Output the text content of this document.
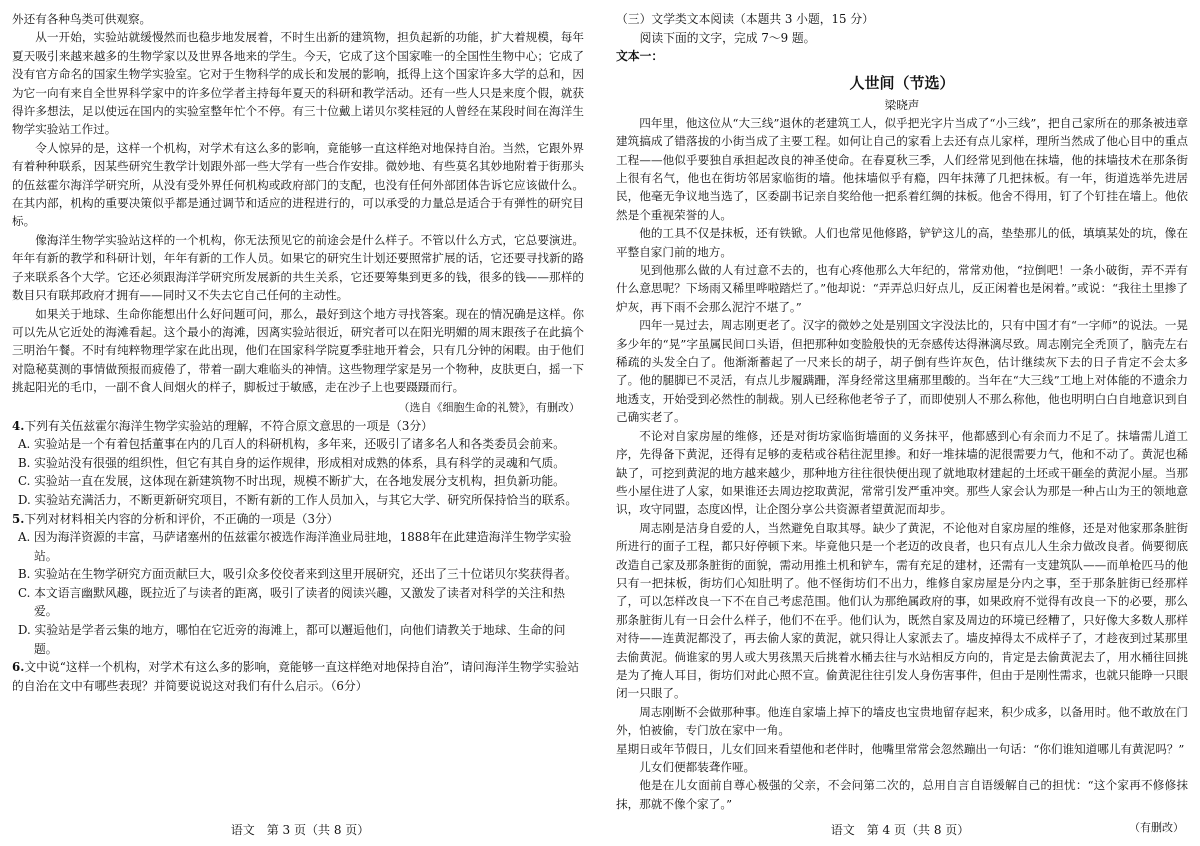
外还有各种鸟类可供观察。

从一开始，实验站就缓慢然而也稳步地发展着，不时生出新的建筑物，担负起新的功能，扩大着规模，每年夏天吸引来越来越多的生物学家以及世界各地来的学生。今天，它成了这个国家唯一的全国性生物中心；它成了没有官方命名的国家生物学实验室。它对于生物科学的成长和发展的影响，抵得上这个国家许多大学的总和，因为它一向有来自全世界科学家中的许多位学者主持每年夏天的科研和教学活动。还有一些人只是来度个假，就获得许多想法，足以使远在国内的实验室整年忙个不停。有三十位戴上诺贝尔奖桂冠的人曾经在某段时间在海洋生物学实验站工作过。

令人惊异的是，这样一个机构，对学术有这么多的影响，竟能够一直这样绝对地保持自治。当然，它跟外界有着种种联系，因某些研究生教学计划跟外部一些大学有一些合作安排。微妙地、有些莫名其妙地附着于街那头的伍兹霍尔海洋学研究所，从没有受外界任何机构或政府部门的支配，也没有任何外部团体告诉它应该做什么。在其内部，机构的重要决策似乎都是通过调节和适应的进程进行的，可以承受的力量总是适合于有弹性的研究目标。

像海洋生物学实验站这样的一个机构，你无法预见它的前途会是什么样子。不管以什么方式，它总要演进。年年有新的教学和科研计划，年年有新的工作人员。如果它的研究生计划还要照常扩展的话，它还要寻找新的路子来联系各个大学。它还必须跟海洋学研究所发展新的共生关系，它还要筹集到更多的钱，很多的钱——那样的数目只有联邦政府才拥有——同时又不失去它自己任何的主动性。

如果关于地球、生命你能想出什么好问题可问，那么，最好到这个地方寻找答案。现在的情况确是这样。你可以先从它近处的海滩看起。这个最小的海滩，因离实验站很近，研究者可以在阳光明媚的周末跟孩子在此搞个三明治午餐。不时有纯粹物理学家在此出现，他们在国家科学院夏季驻地开着会，只有几分钟的闲暇。由于他们对隐秘莫测的事情做预报而疲倦了，带着一副大难临头的神情。这些物理学家是另一个物种，皮肤更白，摇一下挑起阳光的毛巾，一副不食人间烟火的样子，脚板过于敏感，走在沙子上也要蹑蹑而行。

（选自《细胞生命的礼赞》，有删改）

4.下列有关伍兹霍尔海洋生物学实验站的理解，不符合原文意思的一项是（3分）

A. 实验站是一个有着包括董事在内的几百人的科研机构，多年来，还吸引了诸多名人和各类委员会前来。

B. 实验站没有很强的组织性，但它有其自身的运作规律，形成相对成熟的体系，具有科学的灵魂和气质。

C. 实验站一直在发展，这体现在新建筑物不时出现，规模不断扩大，在各地发展分支机构，担负新功能。

D. 实验站充满活力，不断更新研究项目，不断有新的工作人员加入，与其它大学、研究所保持恰当的联系。

5.下列对材料相关内容的分析和评价，不正确的一项是（3分）

A. 因为海洋资源的丰富，马萨诸塞州的伍兹霍尔被选作海洋渔业局驻地，1888年在此建造海洋生物学实验站。

B. 实验站在生物学研究方面贡献巨大，吸引众多佼佼者来到这里开展研究，还出了三十位诺贝尔奖获得者。

C. 本文语言幽默风趣，既拉近了与读者的距离，吸引了读者的阅读兴趣，又激发了读者对科学的关注和热爱。

D. 实验站是学者云集的地方，哪怕在它近旁的海滩上，都可以邂逅他们，向他们请教关于地球、生命的问题。

6.文中说“这样一个机构，对学术有这么多的影响，竟能够一直这样绝对地保持自治”，请问海洋生物学实验站的自治在文中有哪些表现？并简要说说这对我们有什么启示。（6分）

语文　第 3 页（共 8 页）

（三）文学类文本阅读（本题共 3 小题，15 分）

阅读下面的文字，完成 7～9 题。

文本一：

人世间（节选）
梁晓声

四年里，他这位从“大三线”退休的老建筑工人，似乎把光字片当成了“小三线”，把自己家所在的那条被违章建筑搞成了错落拔的小街当成了主要工程。如何让自己的家看上去还有点儿家样，理所当然成了他心目中的重点工程——他似乎要独自承担起改良的神圣使命。在春夏秋三季，人们经常见到他在抹墙，他的抹墙技术在那条街上很有名气，他也在街坊邻居家临街的墙。他抹墙似乎有瘾，四年抹薄了几把抹板。有一年，街道选举先进居民，他毫无争议地当选了，区委副书记亲自奖给他一把系着红绸的抹板。他舍不得用，钉了个钉挂在墙上。他依然是个重视荣誉的人。

他的工具不仅是抹板，还有铁锨。人们也常见他修路，铲铲这儿的高，垫垫那儿的低，填填某处的坑，像在平整自家门前的地方。

见到他那么做的人有过意不去的，也有心疼他那么大年纪的，常常劝他，“拉倒吧！一条小破街，弄不弄有什么意思呢？下场雨又稀里哗啦踏烂了。”他却说：“弄弄总归好点儿，反正闲着也是闲着。”或说：“我往土里掺了炉灰，再下雨不会那么泥泞不堪了。”

四年一晃过去，周志刚更老了。汉字的微妙之处是别国文字没法比的，只有中国才有“一字师”的说法。一晃多少年的“晃”字虽属民间口头语，但把那种如变脸般快的无奈感传达得淋漓尽致。周志刚完全秃顶了，脑壳左右稀疏的头发全白了。他渐渐蓄起了一尺来长的胡子，胡子倒有些许灰色，估计继续灰下去的日子肯定不会太多了。他的腿脚已不灵活，有点儿步履蹒跚，浑身经常这里痛那里酸的。当年在“大三线”工地上对体能的不遗余力地透支，开始受到必然性的制裁。别人已经称他老爷子了，而即使别人不那么称他，他也明明白白自地意识到自己确实老了。

不论对自家房屋的维修，还是对街坊家临街墙面的义务抹平，他都感到心有余而力不足了。抹墙需儿道工序，先得备下黄泥，还得有足够的麦秸或谷秸往泥里掺。和好一堆抹墙的泥很需要力气，他和不动了。黄泥也稀缺了，可挖到黄泥的地方越来越少，那种地方往往很快便出现了就地取材建起的土坯或干砸垒的黄泥小屋。当那些小屋住进了人家，如果谁还去周边挖取黄泥，常常引发严重冲突。那些人家会认为那是一种占山为王的领地意识，攻守同盟，态度凶悍，让企图分享公共资源者望黄泥而却步。

周志刚是洁身自爱的人，当然避免自取其辱。缺少了黄泥，不论他对自家房屋的维修，还是对他家那条脏街所进行的面子工程，都只好停顿下来。毕竟他只是一个老迈的改良者，也只有点儿人生余力做改良者。倘要彻底改造自己家及那条脏街的面貌，需动用推土机和铲车，需有充足的建材，还需有一支建筑队——而单枪匹马的他只有一把抹板，街坊们心知肚明了。他不怪街坊们不出力，维修自家房屋是分内之事，至于那条脏街已经那样了，可以怎样改良一下不在自己考虑范围。他们认为那绝属政府的事，如果政府不觉得有改良一下的必要，那么那条脏街儿有一日会什么样子，他们不在乎。他们认为，既然自家及周边的环境已经糟了，只好像大多数人那样对待——连黄泥都没了，再去偷人家的黄泥，就只得让人家派去了。墙皮掉得太不成样子了，才趁夜到过某那里去偷黄泥。倘谁家的男人或大男孩黑天后挑着水桶去往与水站相反方向的，肯定是去偷黄泥去了，用水桶往回挑是为了掩人耳目，街坊们对此心照不宣。偷黄泥往往引发人身伤害事件，但由于是刚性需求，也就只能睁一只眼闭一只眼了。

周志刚断不会做那种事。他连自家墙上掉下的墙皮也宝贵地留存起来，积少成多，以备用时。他不敢放在门外，怕被偷，专门放在家中一角。

星期日或年节假日，儿女们回来看望他和老伴时，他嘴里常常会忽然蹦出一句话：“你们谁知道哪儿有黄泥吗？”

儿女们便都装聋作哑。

他是在儿女面前自尊心极强的父亲，不会问第二次的，总用自言自语缓解自己的担忧：“这个家再不修修抹抹，那就不像个家了。”

（有删改）
语文　第 4 页（共 8 页）
